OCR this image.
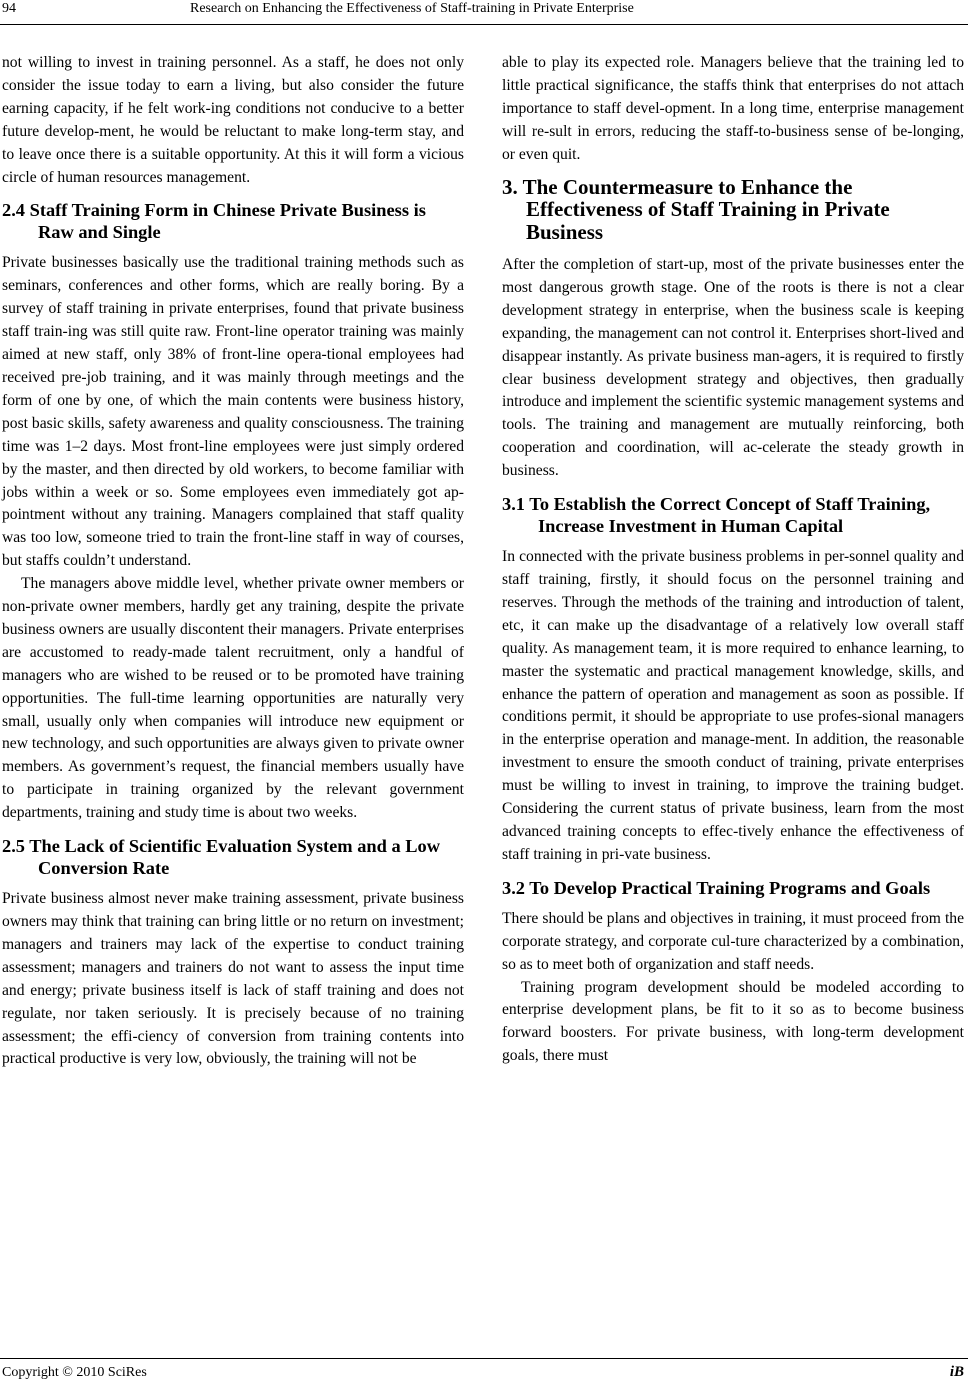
94	Research on Enhancing the Effectiveness of Staff-training in Private Enterprise

not willing to invest in training personnel. As a staff, he does not only consider the issue today to earn a living, but also consider the future earning capacity, if he felt work-ing conditions not conducive to a better future develop-ment, he would be reluctant to make long-term stay, and to leave once there is a suitable opportunity. At this it will form a vicious circle of human resources management.

2.4 Staff Training Form in Chinese Private Business is Raw and Single

Private businesses basically use the traditional training methods such as seminars, conferences and other forms, which are really boring. By a survey of staff training in private enterprises, found that private business staff train-ing was still quite raw. Front-line operator training was mainly aimed at new staff, only 38% of front-line opera-tional employees had received pre-job training, and it was mainly through meetings and the form of one by one, of which the main contents were business history, post basic skills, safety awareness and quality consciousness. The training time was 1–2 days. Most front-line employees were just simply ordered by the master, and then directed by old workers, to become familiar with jobs within a week or so. Some employees even immediately got ap-pointment without any training. Managers complained that staff quality was too low, someone tried to train the front-line staff in way of courses, but staffs couldn’t understand.

The managers above middle level, whether private owner members or non-private owner members, hardly get any training, despite the private business owners are usually discontent their managers. Private enterprises are accustomed to ready-made talent recruitment, only a handful of managers who are wished to be reused or to be promoted have training opportunities. The full-time learning opportunities are naturally very small, usually only when companies will introduce new equipment or new technology, and such opportunities are always given to private owner members. As government’s request, the financial members usually have to participate in training organized by the relevant government departments, training and study time is about two weeks.

2.5 The Lack of Scientific Evaluation System and a Low Conversion Rate

Private business almost never make training assessment, private business owners may think that training can bring little or no return on investment; managers and trainers may lack of the expertise to conduct training assessment; managers and trainers do not want to assess the input time and energy; private business itself is lack of staff training and does not regulate, nor taken seriously. It is precisely because of no training assessment; the effi-ciency of conversion from training contents into practical productive is very low, obviously, the training will not be

able to play its expected role. Managers believe that the training led to little practical significance, the staffs think that enterprises do not attach importance to staff devel-opment. In a long time, enterprise management will re-sult in errors, reducing the staff-to-business sense of be-longing, or even quit.

3. The Countermeasure to Enhance the Effectiveness of Staff Training in Private Business

After the completion of start-up, most of the private businesses enter the most dangerous growth stage. One of the roots is there is not a clear development strategy in enterprise, when the business scale is keeping expanding, the management can not control it. Enterprises short-lived and disappear instantly. As private business man-agers, it is required to firstly clear business development strategy and objectives, then gradually introduce and implement the scientific systemic management systems and tools. The training and management are mutually reinforcing, both cooperation and coordination, will ac-celerate the steady growth in business.

3.1 To Establish the Correct Concept of Staff Training, Increase Investment in Human Capital

In connected with the private business problems in per-sonnel quality and staff training, firstly, it should focus on the personnel training and reserves. Through the methods of the training and introduction of talent, etc, it can make up the disadvantage of a relatively low overall staff quality. As management team, it is more required to enhance learning, to master the systematic and practical management knowledge, skills, and enhance the pattern of operation and management as soon as possible. If conditions permit, it should be appropriate to use profes-sional managers in the enterprise operation and manage-ment. In addition, the reasonable investment to ensure the smooth conduct of training, private enterprises must be willing to invest in training, to improve the training budget. Considering the current status of private business, learn from the most advanced training concepts to effec-tively enhance the effectiveness of staff training in pri-vate business.

3.2 To Develop Practical Training Programs and Goals

There should be plans and objectives in training, it must proceed from the corporate strategy, and corporate cul-ture characterized by a combination, so as to meet both of organization and staff needs.

Training program development should be modeled according to enterprise development plans, be fit to it so as to become business forward boosters. For private business, with long-term development goals, there must

Copyright © 2010 SciRes	iB
